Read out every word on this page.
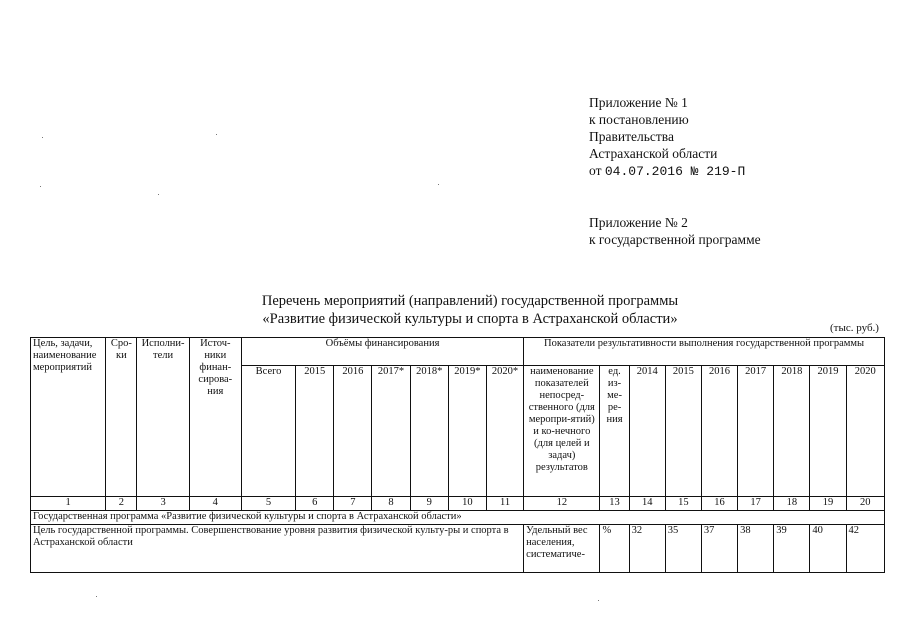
Приложение № 1
к постановлению
Правительства
Астраханской области
от 04.07.2016 № 219-П
Приложение № 2
к государственной программе
Перечень мероприятий (направлений) государственной программы
«Развитие физической культуры и спорта в Астраханской области»
(тыс. руб.)
Цель, задачи, наименование мероприятий	Сро-ки	Исполни-тели	Источ-ники финан-сирова-ния	Объёмы финансирования							Показатели результативности выполнения государственной программы								
				Всего	2015	2016	2017*	2018*	2019*	2020*	наименование показателей непосред-ственного (для меропри-ятий) и ко-нечного (для целей и задач) результатов	ед. из-ме-ре-ния	2014	2015	2016	2017	2018	2019	2020
1	2	3	4	5	6	7	8	9	10	11	12	13	14	15	16	17	18	19	20
Государственная программа «Развитие физической культуры и спорта в Астраханской области»																			
Цель государственной программы. Совершенствование уровня развития физической культу-ры и спорта в Астраханской области											Удельный вес населения, систематиче-	%	32	35	37	38	39	40	42
